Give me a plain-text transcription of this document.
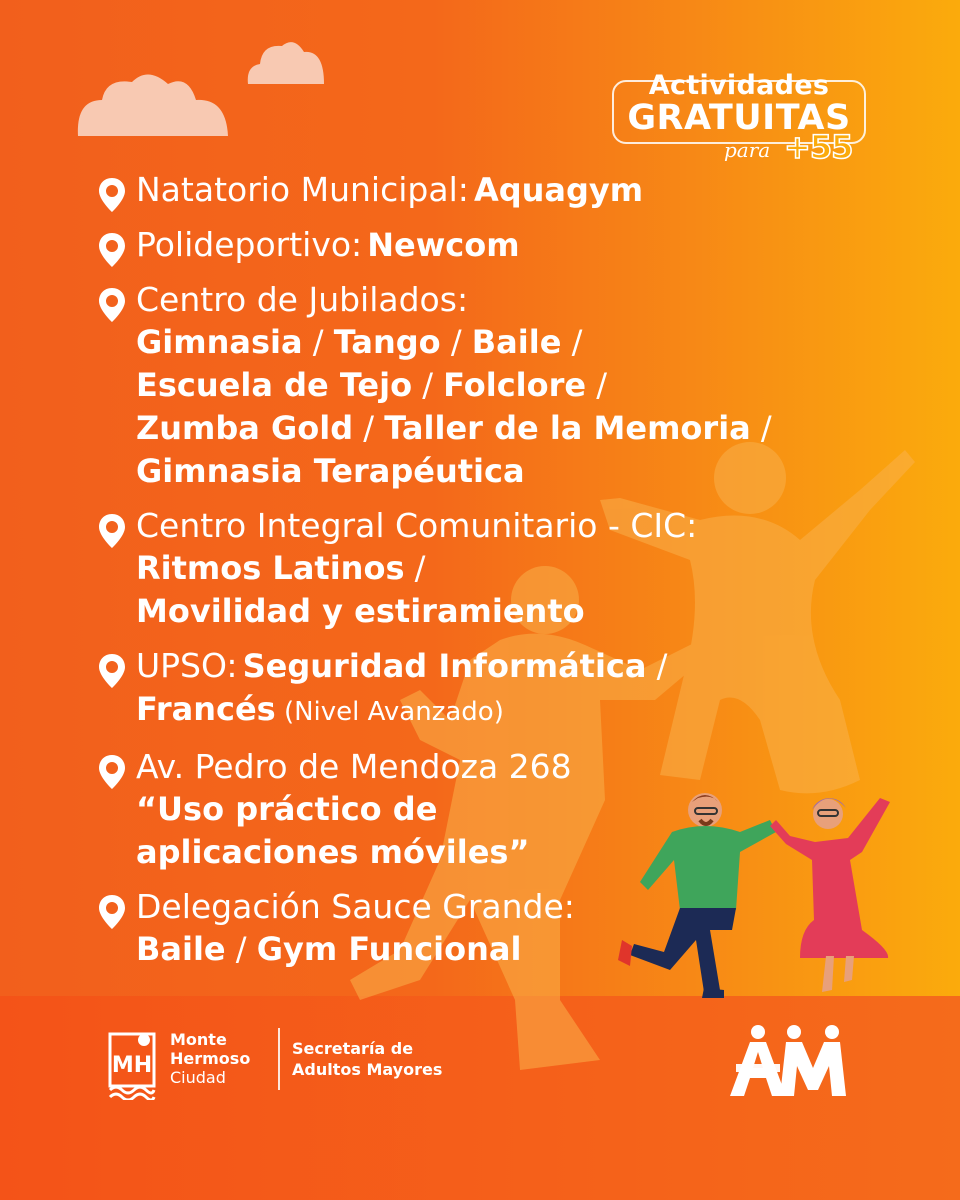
Actividades
GRATUITAS
para +55
Natatorio Municipal: Aquagym
Polideportivo: Newcom
Centro de Jubilados:
Gimnasia / Tango / Baile /
Escuela de Tejo / Folclore /
Zumba Gold / Taller de la Memoria /
Gimnasia Terapéutica
Centro Integral Comunitario - CIC:
Ritmos Latinos /
Movilidad y estiramiento
UPSO: Seguridad Informática /
Francés (Nivel Avanzado)
Av. Pedro de Mendoza 268
“Uso práctico de
aplicaciones móviles”
Delegación Sauce Grande:
Baile / Gym Funcional
MH
Monte
Hermoso
Ciudad
Secretaría de
Adultos Mayores
